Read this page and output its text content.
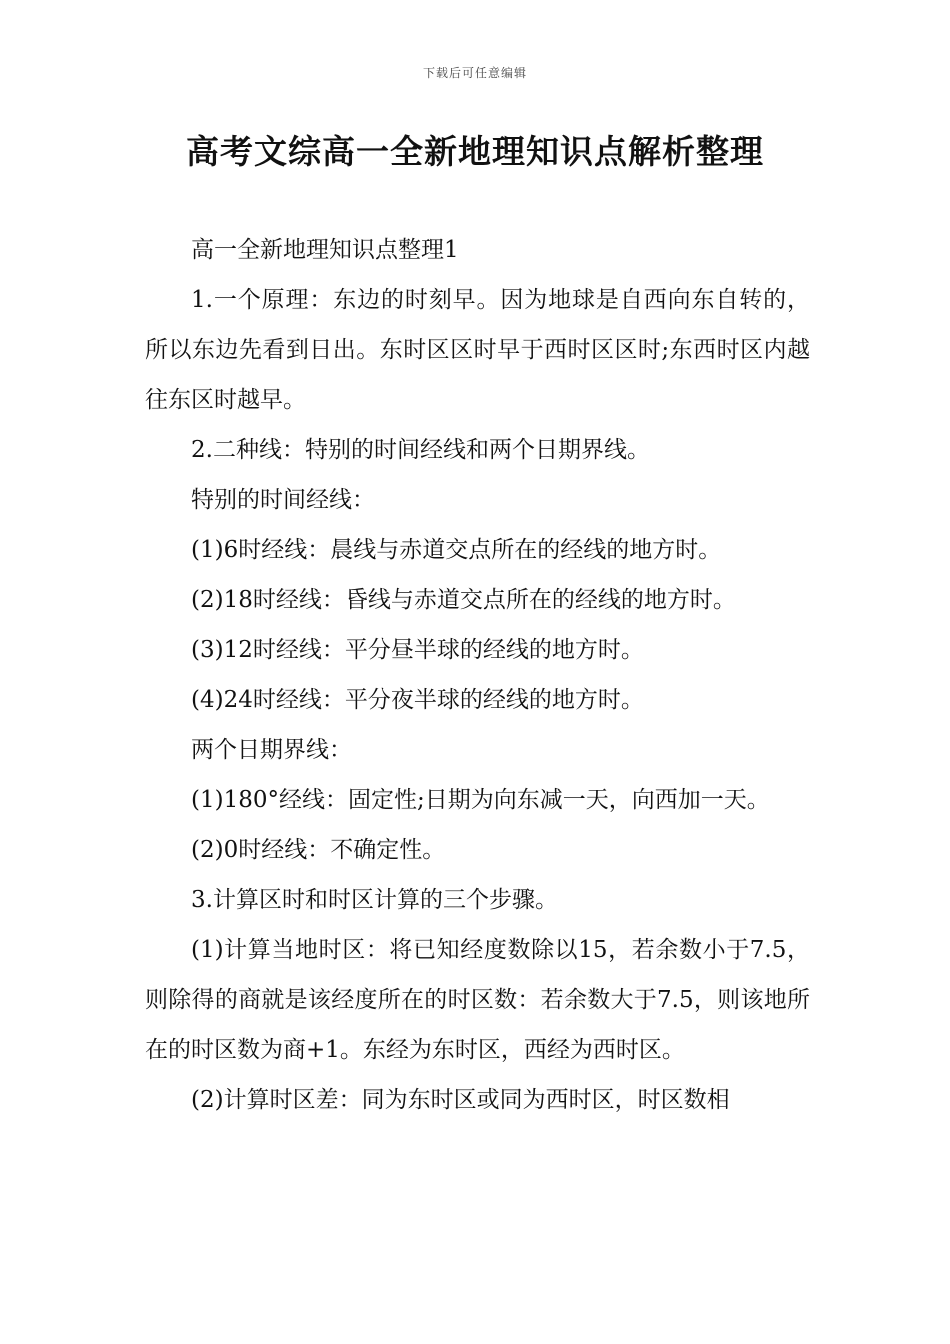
下载后可任意编辑
高考文综高一全新地理知识点解析整理

高一全新地理知识点整理1

1.一个原理：东边的时刻早。因为地球是自西向东自转的，所以东边先看到日出。东时区区时早于西时区区时;东西时区内越往东区时越早。

2.二种线：特别的时间经线和两个日期界线。

特别的时间经线：

(1)6时经线：晨线与赤道交点所在的经线的地方时。

(2)18时经线：昏线与赤道交点所在的经线的地方时。

(3)12时经线：平分昼半球的经线的地方时。

(4)24时经线：平分夜半球的经线的地方时。

两个日期界线：

(1)180°经线：固定性;日期为向东减一天，向西加一天。

(2)0时经线：不确定性。

3.计算区时和时区计算的三个步骤。

(1)计算当地时区：将已知经度数除以15，若余数小于7.5，则除得的商就是该经度所在的时区数：若余数大于7.5，则该地所在的时区数为商+1。东经为东时区，西经为西时区。

(2)计算时区差：同为东时区或同为西时区，时区数相
